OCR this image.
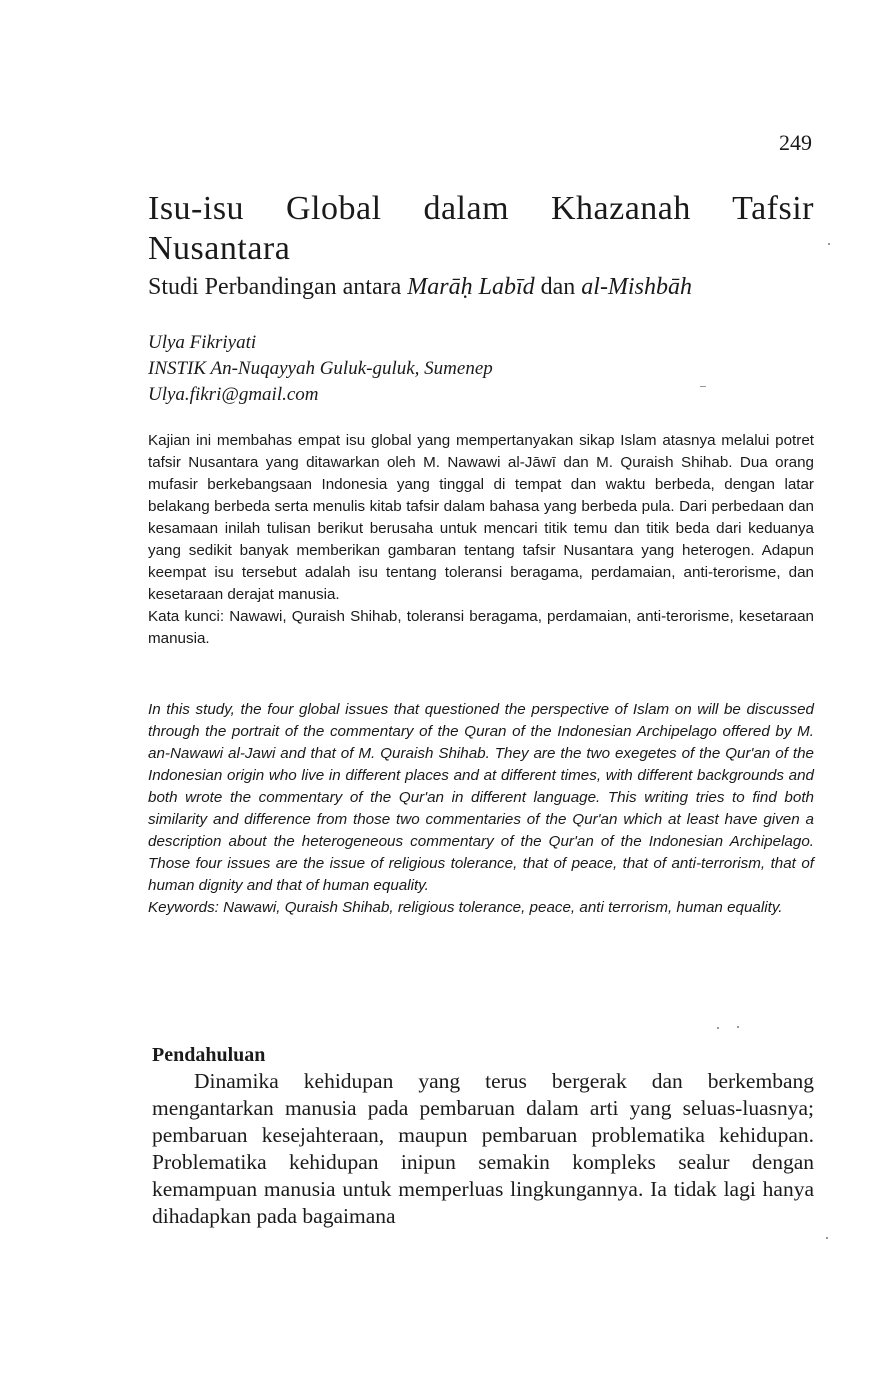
249
Isu-isu Global dalam Khazanah Tafsir
Nusantara
Studi Perbandingan antara Marāḥ Labīd dan al-Mishbāh
Ulya Fikriyati
INSTIK An-Nuqayyah Guluk-guluk, Sumenep
Ulya.fikri@gmail.com

Kajian ini membahas empat isu global yang mempertanyakan sikap Islam atasnya melalui potret tafsir Nusantara yang ditawarkan oleh M. Nawawi al-Jāwī dan M. Quraish Shihab. Dua orang mufasir berkebangsaan Indonesia yang tinggal di tempat dan waktu berbeda, dengan latar belakang berbeda serta menulis kitab tafsir dalam bahasa yang berbeda pula. Dari perbedaan dan kesamaan inilah tulisan berikut berusaha untuk mencari titik temu dan titik beda dari keduanya yang sedikit banyak memberikan gambaran tentang tafsir Nusantara yang heterogen. Adapun keempat isu tersebut adalah isu tentang toleransi beragama, perdamaian, anti-terorisme, dan kesetaraan derajat manusia.

Kata kunci: Nawawi, Quraish Shihab, toleransi beragama, perdamaian, anti-terorisme, kesetaraan manusia.

In this study, the four global issues that questioned the perspective of Islam on will be discussed through the portrait of the commentary of the Quran of the Indonesian Archipelago offered by M. an-Nawawi al-Jawi and that of M. Quraish Shihab. They are the two exegetes of the Qur'an of the Indonesian origin who live in different places and at different times, with different backgrounds and both wrote the commentary of the Qur'an in different language. This writing tries to find both similarity and difference from those two commentaries of the Qur'an which at least have given a description about the heterogeneous commentary of the Qur'an of the Indonesian Archipelago. Those four issues are the issue of religious tolerance, that of peace, that of anti-terrorism, that of human dignity and that of human equality.

Keywords: Nawawi, Quraish Shihab, religious tolerance, peace, anti terrorism, human equality.

Pendahuluan

Dinamika kehidupan yang terus bergerak dan berkembang mengantarkan manusia pada pembaruan dalam arti yang seluas-luasnya; pembaruan kesejahteraan, maupun pembaruan problematika kehidupan. Problematika kehidupan inipun semakin kompleks sealur dengan kemampuan manusia untuk memperluas lingkungannya. Ia tidak lagi hanya dihadapkan pada bagaimana
